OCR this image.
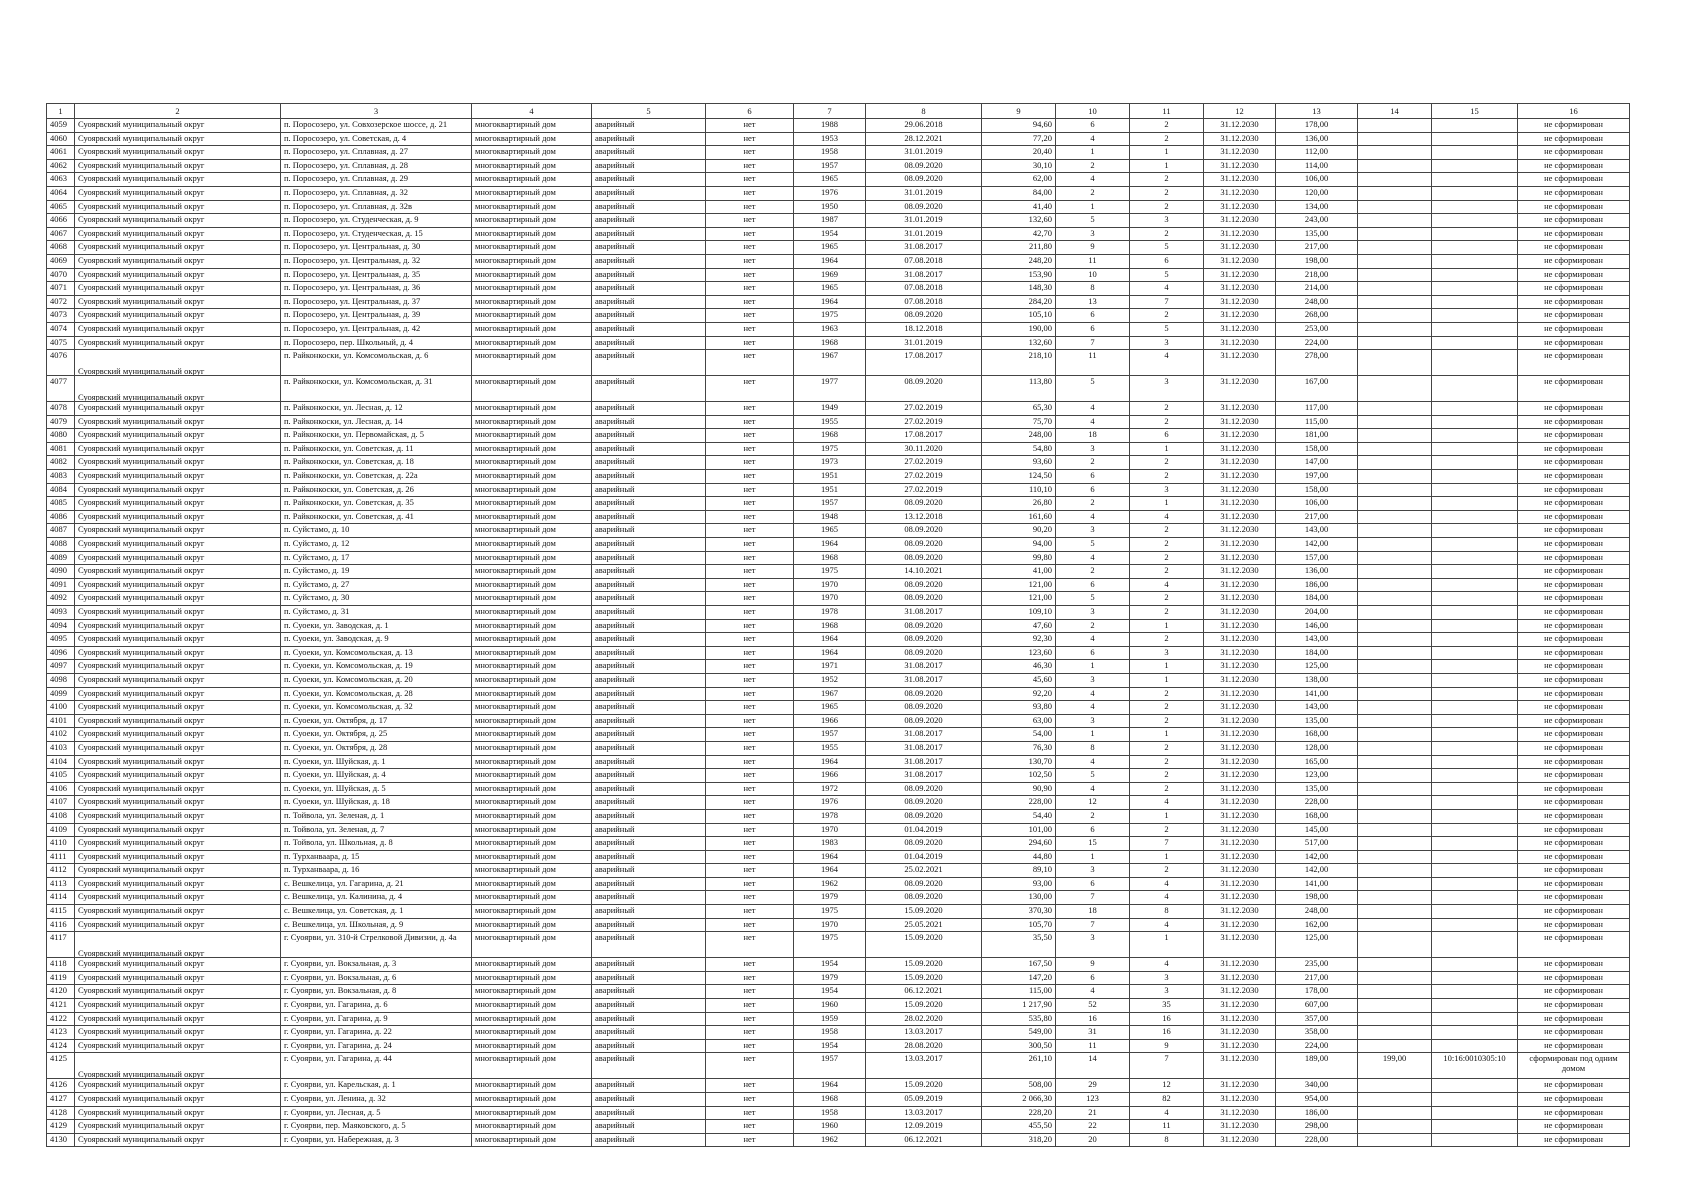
1	2	3	4	5	6	7	8	9	10	11	12	13	14	15	16
4059	Суоярвский муниципальный округ	п. Поросозеро, ул. Совхозерское шоссе, д. 21	многоквартирный дом	аварийный	нет	1988	29.06.2018	94,60	6	2	31.12.2030	178,00			не сформирован
4060	Суоярвский муниципальный округ	п. Поросозеро, ул. Советская, д. 4	многоквартирный дом	аварийный	нет	1953	28.12.2021	77,20	4	2	31.12.2030	136,00			не сформирован
4061	Суоярвский муниципальный округ	п. Поросозеро, ул. Сплавная, д. 27	многоквартирный дом	аварийный	нет	1958	31.01.2019	20,40	1	1	31.12.2030	112,00			не сформирован
4062	Суоярвский муниципальный округ	п. Поросозеро, ул. Сплавная, д. 28	многоквартирный дом	аварийный	нет	1957	08.09.2020	30,10	2	1	31.12.2030	114,00			не сформирован
4063	Суоярвский муниципальный округ	п. Поросозеро, ул. Сплавная, д. 29	многоквартирный дом	аварийный	нет	1965	08.09.2020	62,00	4	2	31.12.2030	106,00			не сформирован
4064	Суоярвский муниципальный округ	п. Поросозеро, ул. Сплавная, д. 32	многоквартирный дом	аварийный	нет	1976	31.01.2019	84,00	2	2	31.12.2030	120,00			не сформирован
4065	Суоярвский муниципальный округ	п. Поросозеро, ул. Сплавная, д. 32в	многоквартирный дом	аварийный	нет	1950	08.09.2020	41,40	1	2	31.12.2030	134,00			не сформирован
4066	Суоярвский муниципальный округ	п. Поросозеро, ул. Студенческая, д. 9	многоквартирный дом	аварийный	нет	1987	31.01.2019	132,60	5	3	31.12.2030	243,00			не сформирован
4067	Суоярвский муниципальный округ	п. Поросозеро, ул. Студенческая, д. 15	многоквартирный дом	аварийный	нет	1954	31.01.2019	42,70	3	2	31.12.2030	135,00			не сформирован
4068	Суоярвский муниципальный округ	п. Поросозеро, ул. Центральная, д. 30	многоквартирный дом	аварийный	нет	1965	31.08.2017	211,80	9	5	31.12.2030	217,00			не сформирован
4069	Суоярвский муниципальный округ	п. Поросозеро, ул. Центральная, д. 32	многоквартирный дом	аварийный	нет	1964	07.08.2018	248,20	11	6	31.12.2030	198,00			не сформирован
4070	Суоярвский муниципальный округ	п. Поросозеро, ул. Центральная, д. 35	многоквартирный дом	аварийный	нет	1969	31.08.2017	153,90	10	5	31.12.2030	218,00			не сформирован
4071	Суоярвский муниципальный округ	п. Поросозеро, ул. Центральная, д. 36	многоквартирный дом	аварийный	нет	1965	07.08.2018	148,30	8	4	31.12.2030	214,00			не сформирован
4072	Суоярвский муниципальный округ	п. Поросозеро, ул. Центральная, д. 37	многоквартирный дом	аварийный	нет	1964	07.08.2018	284,20	13	7	31.12.2030	248,00			не сформирован
4073	Суоярвский муниципальный округ	п. Поросозеро, ул. Центральная, д. 39	многоквартирный дом	аварийный	нет	1975	08.09.2020	105,10	6	2	31.12.2030	268,00			не сформирован
4074	Суоярвский муниципальный округ	п. Поросозеро, ул. Центральная, д. 42	многоквартирный дом	аварийный	нет	1963	18.12.2018	190,00	6	5	31.12.2030	253,00			не сформирован
4075	Суоярвский муниципальный округ	п. Поросозеро, пер. Школьный, д. 4	многоквартирный дом	аварийный	нет	1968	31.01.2019	132,60	7	3	31.12.2030	224,00			не сформирован
4076	Суоярвский муниципальный округ	п. Райконкоски, ул. Комсомольская, д. 6	многоквартирный дом	аварийный	нет	1967	17.08.2017	218,10	11	4	31.12.2030	278,00			не сформирован
4077	Суоярвский муниципальный округ	п. Райконкоски, ул. Комсомольская, д. 31	многоквартирный дом	аварийный	нет	1977	08.09.2020	113,80	5	3	31.12.2030	167,00			не сформирован
4078	Суоярвский муниципальный округ	п. Райконкоски, ул. Лесная, д. 12	многоквартирный дом	аварийный	нет	1949	27.02.2019	65,30	4	2	31.12.2030	117,00			не сформирован
4079	Суоярвский муниципальный округ	п. Райконкоски, ул. Лесная, д. 14	многоквартирный дом	аварийный	нет	1955	27.02.2019	75,70	4	2	31.12.2030	115,00			не сформирован
4080	Суоярвский муниципальный округ	п. Райконкоски, ул. Первомайская, д. 5	многоквартирный дом	аварийный	нет	1968	17.08.2017	248,00	18	6	31.12.2030	181,00			не сформирован
4081	Суоярвский муниципальный округ	п. Райконкоски, ул. Советская, д. 11	многоквартирный дом	аварийный	нет	1975	30.11.2020	54,80	3	1	31.12.2030	158,00			не сформирован
4082	Суоярвский муниципальный округ	п. Райконкоски, ул. Советская, д. 18	многоквартирный дом	аварийный	нет	1973	27.02.2019	93,60	2	2	31.12.2030	147,00			не сформирован
4083	Суоярвский муниципальный округ	п. Райконкоски, ул. Советская, д. 22а	многоквартирный дом	аварийный	нет	1951	27.02.2019	124,50	6	2	31.12.2030	197,00			не сформирован
4084	Суоярвский муниципальный округ	п. Райконкоски, ул. Советская, д. 26	многоквартирный дом	аварийный	нет	1951	27.02.2019	110,10	6	3	31.12.2030	158,00			не сформирован
4085	Суоярвский муниципальный округ	п. Райконкоски, ул. Советская, д. 35	многоквартирный дом	аварийный	нет	1957	08.09.2020	26,80	2	1	31.12.2030	106,00			не сформирован
4086	Суоярвский муниципальный округ	п. Райконкоски, ул. Советская, д. 41	многоквартирный дом	аварийный	нет	1948	13.12.2018	161,60	4	4	31.12.2030	217,00			не сформирован
4087	Суоярвский муниципальный округ	п. Суйстамо, д. 10	многоквартирный дом	аварийный	нет	1965	08.09.2020	90,20	3	2	31.12.2030	143,00			не сформирован
4088	Суоярвский муниципальный округ	п. Суйстамо, д. 12	многоквартирный дом	аварийный	нет	1964	08.09.2020	94,00	5	2	31.12.2030	142,00			не сформирован
4089	Суоярвский муниципальный округ	п. Суйстамо, д. 17	многоквартирный дом	аварийный	нет	1968	08.09.2020	99,80	4	2	31.12.2030	157,00			не сформирован
4090	Суоярвский муниципальный округ	п. Суйстамо, д. 19	многоквартирный дом	аварийный	нет	1975	14.10.2021	41,00	2	2	31.12.2030	136,00			не сформирован
4091	Суоярвский муниципальный округ	п. Суйстамо, д. 27	многоквартирный дом	аварийный	нет	1970	08.09.2020	121,00	6	4	31.12.2030	186,00			не сформирован
4092	Суоярвский муниципальный округ	п. Суйстамо, д. 30	многоквартирный дом	аварийный	нет	1970	08.09.2020	121,00	5	2	31.12.2030	184,00			не сформирован
4093	Суоярвский муниципальный округ	п. Суйстамо, д. 31	многоквартирный дом	аварийный	нет	1978	31.08.2017	109,10	3	2	31.12.2030	204,00			не сформирован
4094	Суоярвский муниципальный округ	п. Суоеки, ул. Заводская, д. 1	многоквартирный дом	аварийный	нет	1968	08.09.2020	47,60	2	1	31.12.2030	146,00			не сформирован
4095	Суоярвский муниципальный округ	п. Суоеки, ул. Заводская, д. 9	многоквартирный дом	аварийный	нет	1964	08.09.2020	92,30	4	2	31.12.2030	143,00			не сформирован
4096	Суоярвский муниципальный округ	п. Суоеки, ул. Комсомольская, д. 13	многоквартирный дом	аварийный	нет	1964	08.09.2020	123,60	6	3	31.12.2030	184,00			не сформирован
4097	Суоярвский муниципальный округ	п. Суоеки, ул. Комсомольская, д. 19	многоквартирный дом	аварийный	нет	1971	31.08.2017	46,30	1	1	31.12.2030	125,00			не сформирован
4098	Суоярвский муниципальный округ	п. Суоеки, ул. Комсомольская, д. 20	многоквартирный дом	аварийный	нет	1952	31.08.2017	45,60	3	1	31.12.2030	138,00			не сформирован
4099	Суоярвский муниципальный округ	п. Суоеки, ул. Комсомольская, д. 28	многоквартирный дом	аварийный	нет	1967	08.09.2020	92,20	4	2	31.12.2030	141,00			не сформирован
4100	Суоярвский муниципальный округ	п. Суоеки, ул. Комсомольская, д. 32	многоквартирный дом	аварийный	нет	1965	08.09.2020	93,80	4	2	31.12.2030	143,00			не сформирован
4101	Суоярвский муниципальный округ	п. Суоеки, ул. Октября, д. 17	многоквартирный дом	аварийный	нет	1966	08.09.2020	63,00	3	2	31.12.2030	135,00			не сформирован
4102	Суоярвский муниципальный округ	п. Суоеки, ул. Октября, д. 25	многоквартирный дом	аварийный	нет	1957	31.08.2017	54,00	1	1	31.12.2030	168,00			не сформирован
4103	Суоярвский муниципальный округ	п. Суоеки, ул. Октября, д. 28	многоквартирный дом	аварийный	нет	1955	31.08.2017	76,30	8	2	31.12.2030	128,00			не сформирован
4104	Суоярвский муниципальный округ	п. Суоеки, ул. Шуйская, д. 1	многоквартирный дом	аварийный	нет	1964	31.08.2017	130,70	4	2	31.12.2030	165,00			не сформирован
4105	Суоярвский муниципальный округ	п. Суоеки, ул. Шуйская, д. 4	многоквартирный дом	аварийный	нет	1966	31.08.2017	102,50	5	2	31.12.2030	123,00			не сформирован
4106	Суоярвский муниципальный округ	п. Суоеки, ул. Шуйская, д. 5	многоквартирный дом	аварийный	нет	1972	08.09.2020	90,90	4	2	31.12.2030	135,00			не сформирован
4107	Суоярвский муниципальный округ	п. Суоеки, ул. Шуйская, д. 18	многоквартирный дом	аварийный	нет	1976	08.09.2020	228,00	12	4	31.12.2030	228,00			не сформирован
4108	Суоярвский муниципальный округ	п. Тойвола, ул. Зеленая, д. 1	многоквартирный дом	аварийный	нет	1978	08.09.2020	54,40	2	1	31.12.2030	168,00			не сформирован
4109	Суоярвский муниципальный округ	п. Тойвола, ул. Зеленая, д. 7	многоквартирный дом	аварийный	нет	1970	01.04.2019	101,00	6	2	31.12.2030	145,00			не сформирован
4110	Суоярвский муниципальный округ	п. Тойвола, ул. Школьная, д. 8	многоквартирный дом	аварийный	нет	1983	08.09.2020	294,60	15	7	31.12.2030	517,00			не сформирован
4111	Суоярвский муниципальный округ	п. Турханваара, д. 15	многоквартирный дом	аварийный	нет	1964	01.04.2019	44,80	1	1	31.12.2030	142,00			не сформирован
4112	Суоярвский муниципальный округ	п. Турханваара, д. 16	многоквартирный дом	аварийный	нет	1964	25.02.2021	89,10	3	2	31.12.2030	142,00			не сформирован
4113	Суоярвский муниципальный округ	с. Вешкелица, ул. Гагарина, д. 21	многоквартирный дом	аварийный	нет	1962	08.09.2020	93,00	6	4	31.12.2030	141,00			не сформирован
4114	Суоярвский муниципальный округ	с. Вешкелица, ул. Калинина, д. 4	многоквартирный дом	аварийный	нет	1979	08.09.2020	130,00	7	4	31.12.2030	198,00			не сформирован
4115	Суоярвский муниципальный округ	с. Вешкелица, ул. Советская, д. 1	многоквартирный дом	аварийный	нет	1975	15.09.2020	370,30	18	8	31.12.2030	248,00			не сформирован
4116	Суоярвский муниципальный округ	с. Вешкелица, ул. Школьная, д. 9	многоквартирный дом	аварийный	нет	1970	25.05.2021	105,70	7	4	31.12.2030	162,00			не сформирован
4117	Суоярвский муниципальный округ	г. Суоярви, ул. 310-й Стрелковой Дивизии, д. 4а	многоквартирный дом	аварийный	нет	1975	15.09.2020	35,50	3	1	31.12.2030	125,00			не сформирован
4118	Суоярвский муниципальный округ	г. Суоярви, ул. Вокзальная, д. 3	многоквартирный дом	аварийный	нет	1954	15.09.2020	167,50	9	4	31.12.2030	235,00			не сформирован
4119	Суоярвский муниципальный округ	г. Суоярви, ул. Вокзальная, д. 6	многоквартирный дом	аварийный	нет	1979	15.09.2020	147,20	6	3	31.12.2030	217,00			не сформирован
4120	Суоярвский муниципальный округ	г. Суоярви, ул. Вокзальная, д. 8	многоквартирный дом	аварийный	нет	1954	06.12.2021	115,00	4	3	31.12.2030	178,00			не сформирован
4121	Суоярвский муниципальный округ	г. Суоярви, ул. Гагарина, д. 6	многоквартирный дом	аварийный	нет	1960	15.09.2020	1 217,90	52	35	31.12.2030	607,00			не сформирован
4122	Суоярвский муниципальный округ	г. Суоярви, ул. Гагарина, д. 9	многоквартирный дом	аварийный	нет	1959	28.02.2020	535,80	16	16	31.12.2030	357,00			не сформирован
4123	Суоярвский муниципальный округ	г. Суоярви, ул. Гагарина, д. 22	многоквартирный дом	аварийный	нет	1958	13.03.2017	549,00	31	16	31.12.2030	358,00			не сформирован
4124	Суоярвский муниципальный округ	г. Суоярви, ул. Гагарина, д. 24	многоквартирный дом	аварийный	нет	1954	28.08.2020	300,50	11	9	31.12.2030	224,00			не сформирован
4125	Суоярвский муниципальный округ	г. Суоярви, ул. Гагарина, д. 44	многоквартирный дом	аварийный	нет	1957	13.03.2017	261,10	14	7	31.12.2030	189,00	199,00	10:16:0010305:10	сформирован под одним домом
4126	Суоярвский муниципальный округ	г. Суоярви, ул. Карельская, д. 1	многоквартирный дом	аварийный	нет	1964	15.09.2020	508,00	29	12	31.12.2030	340,00			не сформирован
4127	Суоярвский муниципальный округ	г. Суоярви, ул. Ленина, д. 32	многоквартирный дом	аварийный	нет	1968	05.09.2019	2 066,30	123	82	31.12.2030	954,00			не сформирован
4128	Суоярвский муниципальный округ	г. Суоярви, ул. Лесная, д. 5	многоквартирный дом	аварийный	нет	1958	13.03.2017	228,20	21	4	31.12.2030	186,00			не сформирован
4129	Суоярвский муниципальный округ	г. Суоярви, пер. Маяковского, д. 5	многоквартирный дом	аварийный	нет	1960	12.09.2019	455,50	22	11	31.12.2030	298,00			не сформирован
4130	Суоярвский муниципальный округ	г. Суоярви, ул. Набережная, д. 3	многоквартирный дом	аварийный	нет	1962	06.12.2021	318,20	20	8	31.12.2030	228,00			не сформирован
